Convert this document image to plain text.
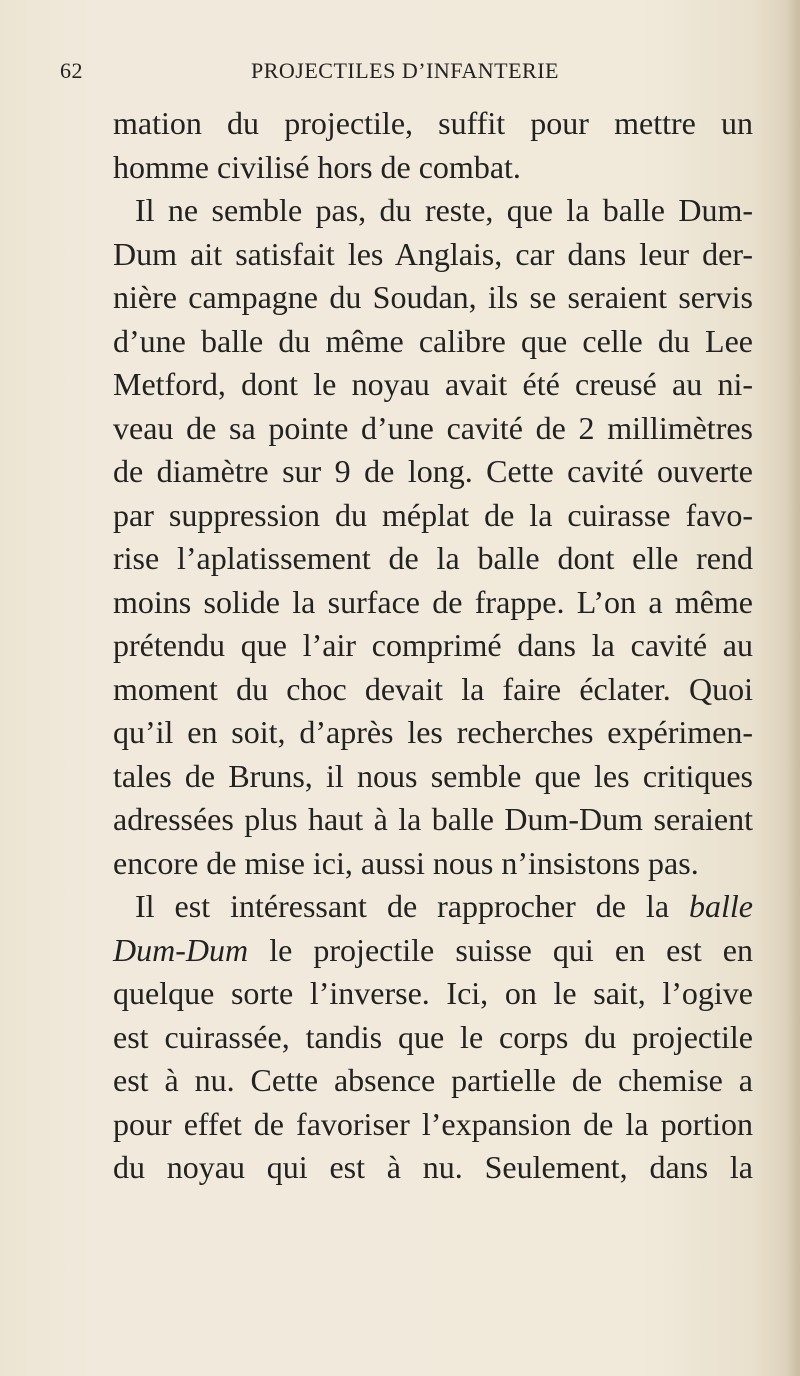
62	PROJECTILES D’INFANTERIE
mation du projectile, suffit pour mettre un
homme civilisé hors de combat.
Il ne semble pas, du reste, que la balle Dum-
Dum ait satisfait les Anglais, car dans leur der-
nière campagne du Soudan, ils se seraient servis
d’une balle du même calibre que celle du Lee
Metford, dont le noyau avait été creusé au ni-
veau de sa pointe d’une cavité de 2 millimètres
de diamètre sur 9 de long. Cette cavité ouverte
par suppression du méplat de la cuirasse favo-
rise l’aplatissement de la balle dont elle rend
moins solide la surface de frappe. L’on a même
prétendu que l’air comprimé dans la cavité au
moment du choc devait la faire éclater. Quoi
qu’il en soit, d’après les recherches expérimen-
tales de Bruns, il nous semble que les critiques
adressées plus haut à la balle Dum-Dum seraient
encore de mise ici, aussi nous n’insistons pas.
Il est intéressant de rapprocher de la balle
Dum-Dum le projectile suisse qui en est en
quelque sorte l’inverse. Ici, on le sait, l’ogive
est cuirassée, tandis que le corps du projectile
est à nu. Cette absence partielle de chemise a
pour effet de favoriser l’expansion de la portion
du noyau qui est à nu. Seulement, dans la
